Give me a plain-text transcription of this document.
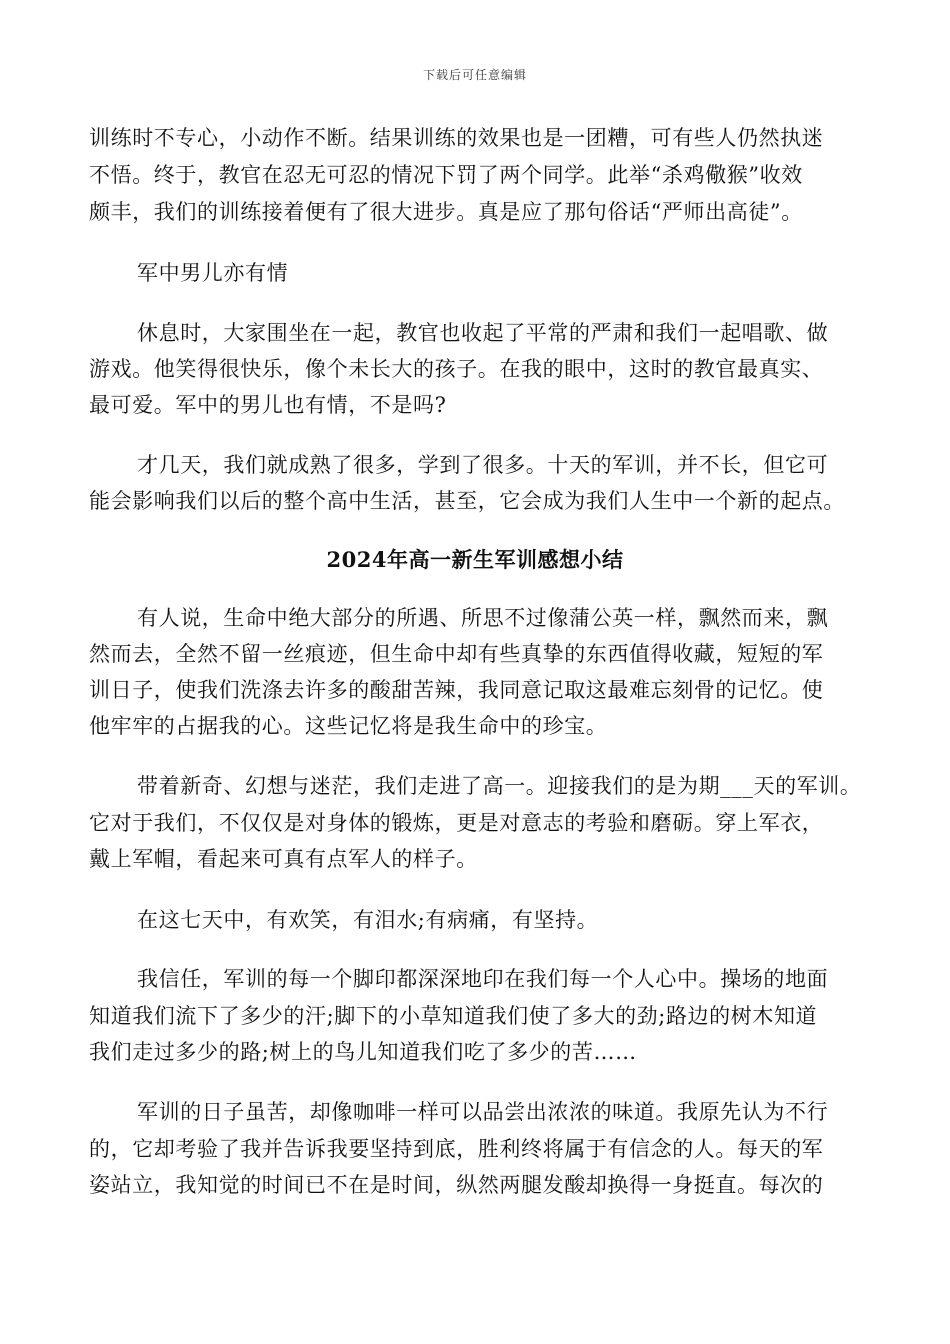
下载后可任意编辑
训练时不专心，小动作不断。结果训练的效果也是一团糟，可有些人仍然执迷
不悟。终于，教官在忍无可忍的情况下罚了两个同学。此举“杀鸡儆猴”收效
颇丰，我们的训练接着便有了很大进步。真是应了那句俗话“严师出高徒”。
军中男儿亦有情
休息时，大家围坐在一起，教官也收起了平常的严肃和我们一起唱歌、做
游戏。他笑得很快乐，像个未长大的孩子。在我的眼中，这时的教官最真实、
最可爱。军中的男儿也有情，不是吗?
才几天，我们就成熟了很多，学到了很多。十天的军训，并不长，但它可
能会影响我们以后的整个高中生活，甚至，它会成为我们人生中一个新的起点。
2024年高一新生军训感想小结
有人说，生命中绝大部分的所遇、所思不过像蒲公英一样，飘然而来，飘
然而去，全然不留一丝痕迹，但生命中却有些真挚的东西值得收藏，短短的军
训日子，使我们洗涤去许多的酸甜苦辣，我同意记取这最难忘刻骨的记忆。使
他牢牢的占据我的心。这些记忆将是我生命中的珍宝。
带着新奇、幻想与迷茫，我们走进了高一。迎接我们的是为期___天的军训。
它对于我们，不仅仅是对身体的锻炼，更是对意志的考验和磨砺。穿上军衣，
戴上军帽，看起来可真有点军人的样子。
在这七天中，有欢笑，有泪水;有病痛，有坚持。
我信任，军训的每一个脚印都深深地印在我们每一个人心中。操场的地面
知道我们流下了多少的汗;脚下的小草知道我们使了多大的劲;路边的树木知道
我们走过多少的路;树上的鸟儿知道我们吃了多少的苦……
军训的日子虽苦，却像咖啡一样可以品尝出浓浓的味道。我原先认为不行
的，它却考验了我并告诉我要坚持到底，胜利终将属于有信念的人。每天的军
姿站立，我知觉的时间已不在是时间，纵然两腿发酸却换得一身挺直。每次的
